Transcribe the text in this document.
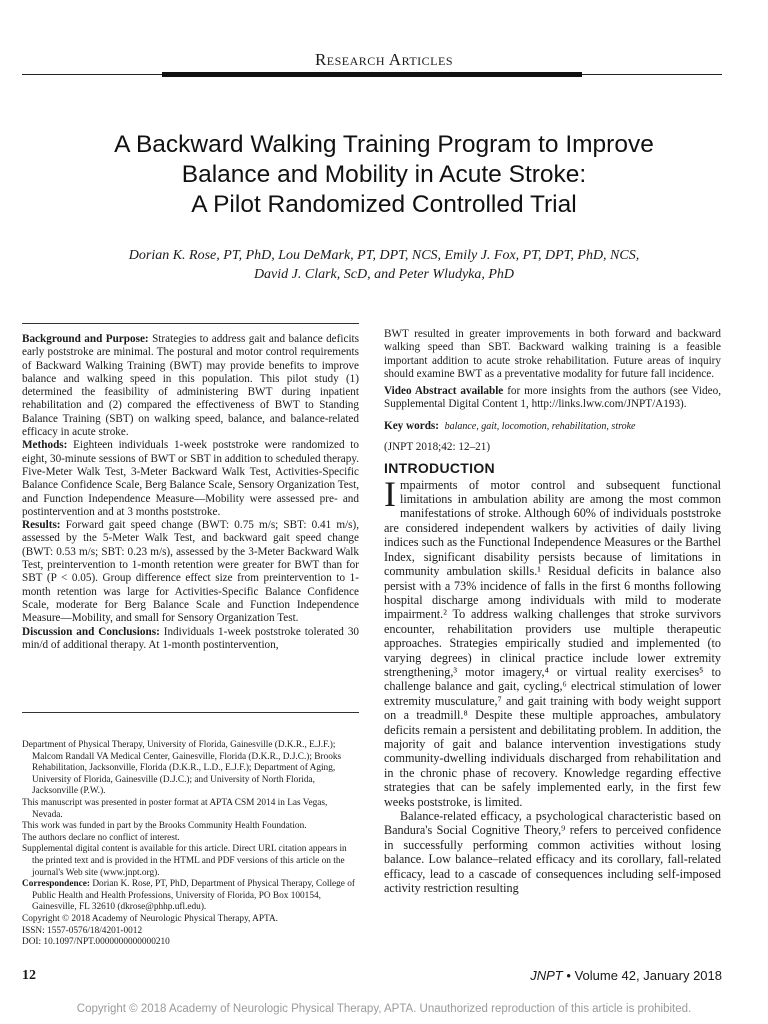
Research Articles
A Backward Walking Training Program to Improve
Balance and Mobility in Acute Stroke:
A Pilot Randomized Controlled Trial
Dorian K. Rose, PT, PhD, Lou DeMark, PT, DPT, NCS, Emily J. Fox, PT, DPT, PhD, NCS,
David J. Clark, ScD, and Peter Wludyka, PhD

Background and Purpose: Strategies to address gait and balance deficits early poststroke are minimal. The postural and motor control requirements of Backward Walking Training (BWT) may provide benefits to improve balance and walking speed in this population. This pilot study (1) determined the feasibility of administering BWT during inpatient rehabilitation and (2) compared the effectiveness of BWT to Standing Balance Training (SBT) on walking speed, balance, and balance-related efficacy in acute stroke.

Methods: Eighteen individuals 1-week poststroke were randomized to eight, 30-minute sessions of BWT or SBT in addition to scheduled therapy. Five-Meter Walk Test, 3-Meter Backward Walk Test, Activities-Specific Balance Confidence Scale, Berg Balance Scale, Sensory Organization Test, and Function Independence Measure—Mobility were assessed pre- and postintervention and at 3 months poststroke.

Results: Forward gait speed change (BWT: 0.75 m/s; SBT: 0.41 m/s), assessed by the 5-Meter Walk Test, and backward gait speed change (BWT: 0.53 m/s; SBT: 0.23 m/s), assessed by the 3-Meter Backward Walk Test, preintervention to 1-month retention were greater for BWT than for SBT (P < 0.05). Group difference effect size from preintervention to 1-month retention was large for Activities-Specific Balance Confidence Scale, moderate for Berg Balance Scale and Function Independence Measure—Mobility, and small for Sensory Organization Test.

Discussion and Conclusions: Individuals 1-week poststroke tolerated 30 min/d of additional therapy. At 1-month postintervention,

Department of Physical Therapy, University of Florida, Gainesville (D.K.R., E.J.F.); Malcom Randall VA Medical Center, Gainesville, Florida (D.K.R., D.J.C.); Brooks Rehabilitation, Jacksonville, Florida (D.K.R., L.D., E.J.F.); Department of Aging, University of Florida, Gainesville (D.J.C.); and University of North Florida, Jacksonville (P.W.).

This manuscript was presented in poster format at APTA CSM 2014 in Las Vegas, Nevada.

This work was funded in part by the Brooks Community Health Foundation.

The authors declare no conflict of interest.

Supplemental digital content is available for this article. Direct URL citation appears in the printed text and is provided in the HTML and PDF versions of this article on the journal's Web site (www.jnpt.org).

Correspondence: Dorian K. Rose, PT, PhD, Department of Physical Therapy, College of Public Health and Health Professions, University of Florida, PO Box 100154, Gainesville, FL 32610 (dkrose@phhp.ufl.edu).

Copyright © 2018 Academy of Neurologic Physical Therapy, APTA.

ISSN: 1557-0576/18/4201-0012

DOI: 10.1097/NPT.0000000000000210

BWT resulted in greater improvements in both forward and backward walking speed than SBT. Backward walking training is a feasible important addition to acute stroke rehabilitation. Future areas of inquiry should examine BWT as a preventative modality for future fall incidence.

Video Abstract available for more insights from the authors (see Video, Supplemental Digital Content 1, http://links.lww.com/JNPT/A193).

Key words: balance, gait, locomotion, rehabilitation, stroke

(JNPT 2018;42: 12–21)

INTRODUCTION

Impairments of motor control and subsequent functional limitations in ambulation ability are among the most common manifestations of stroke. Although 60% of individuals poststroke are considered independent walkers by activities of daily living indices such as the Functional Independence Measures or the Barthel Index, significant disability persists because of limitations in community ambulation skills.¹ Residual deficits in balance also persist with a 73% incidence of falls in the first 6 months following hospital discharge among individuals with mild to moderate impairment.² To address walking challenges that stroke survivors encounter, rehabilitation providers use multiple therapeutic approaches. Strategies empirically studied and implemented (to varying degrees) in clinical practice include lower extremity strengthening,³ motor imagery,⁴ or virtual reality exercises⁵ to challenge balance and gait, cycling,⁶ electrical stimulation of lower extremity musculature,⁷ and gait training with body weight support on a treadmill.⁸ Despite these multiple approaches, ambulatory deficits remain a persistent and debilitating problem. In addition, the majority of gait and balance intervention investigations study community-dwelling individuals discharged from rehabilitation and in the chronic phase of recovery. Knowledge regarding effective strategies that can be safely implemented early, in the first few weeks poststroke, is limited.

Balance-related efficacy, a psychological characteristic based on Bandura's Social Cognitive Theory,⁹ refers to perceived confidence in successfully performing common activities without losing balance. Low balance–related efficacy and its corollary, fall-related efficacy, lead to a cascade of consequences including self-imposed activity restriction resulting

12	JNPT • Volume 42, January 2018
Copyright © 2018 Academy of Neurologic Physical Therapy, APTA. Unauthorized reproduction of this article is prohibited.
